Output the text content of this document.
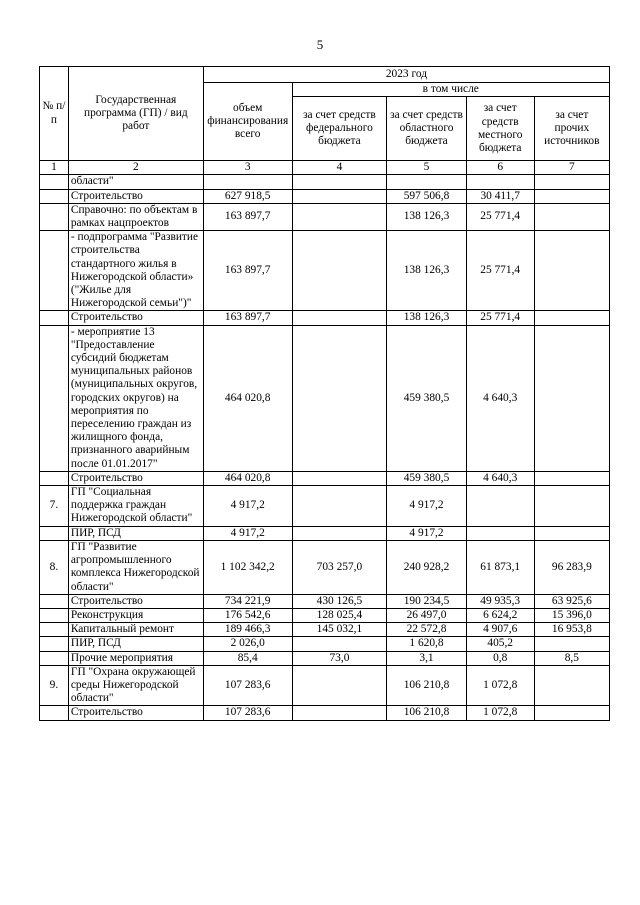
5
№ п/п	Государственная программа (ГП) / вид работ	2023 год				
		объем финансирования всего	в том числе			
			за счет средств федерального бюджета	за счет средств областного бюджета	за счет средств местного бюджета	за счет прочих источников
1	2	3	4	5	6	7
	области"					
	Строительство	627 918,5		597 506,8	30 411,7	
	Справочно: по объектам в рамках нацпроектов	163 897,7		138 126,3	25 771,4	
	- подпрограмма "Развитие строительства стандартного жилья в Нижегородской области» ("Жилье для Нижегородской семьи")"	163 897,7		138 126,3	25 771,4	
	Строительство	163 897,7		138 126,3	25 771,4	
	- мероприятие 13 "Предоставление субсидий бюджетам муниципальных районов (муниципальных округов, городских округов) на мероприятия по переселению граждан из жилищного фонда, признанного аварийным после 01.01.2017"	464 020,8		459 380,5	4 640,3	
	Строительство	464 020,8		459 380,5	4 640,3	
7.	ГП "Социальная поддержка граждан Нижегородской области"	4 917,2		4 917,2		
	ПИР, ПСД	4 917,2		4 917,2		
8.	ГП "Развитие агропромышленного комплекса Нижегородской области"	1 102 342,2	703 257,0	240 928,2	61 873,1	96 283,9
	Строительство	734 221,9	430 126,5	190 234,5	49 935,3	63 925,6
	Реконструкция	176 542,6	128 025,4	26 497,0	6 624,2	15 396,0
	Капитальный ремонт	189 466,3	145 032,1	22 572,8	4 907,6	16 953,8
	ПИР, ПСД	2 026,0		1 620,8	405,2	
	Прочие мероприятия	85,4	73,0	3,1	0,8	8,5
9.	ГП "Охрана окружающей среды Нижегородской области"	107 283,6		106 210,8	1 072,8	
	Строительство	107 283,6		106 210,8	1 072,8	
